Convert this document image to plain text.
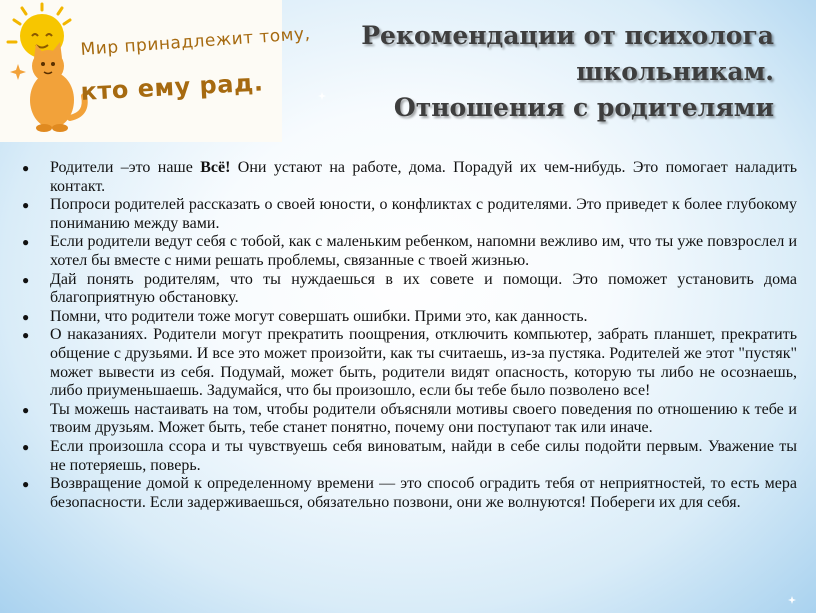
Мир принадлежит тому,
кто ему рад.
Рекомендации от психолога
школьникам.
Отношения с родителями
● Родители –это наше Всё! Они устают на работе, дома. Порадуй их чем-нибудь. Это помогает наладить контакт.
● Попроси родителей рассказать о своей юности, о конфликтах с родителями. Это приведет к более глубокому пониманию между вами.
● Если родители ведут себя с тобой, как с маленьким ребенком, напомни вежливо им, что ты уже повзрослел и хотел бы вместе с ними решать проблемы, связанные с твоей жизнью.
● Дай понять родителям, что ты нуждаешься в их совете и помощи. Это поможет установить дома благоприятную обстановку.
● Помни, что родители тоже могут совершать ошибки. Прими это, как данность.
● О наказаниях. Родители могут прекратить поощрения, отключить компьютер, забрать планшет, прекратить общение с друзьями. И все это может произойти, как ты считаешь, из-за пустяка. Родителей же этот "пустяк" может вывести из себя. Подумай, может быть, родители видят опасность, которую ты либо не осознаешь, либо приуменьшаешь. Задумайся, что бы произошло, если бы тебе было позволено все!
● Ты можешь настаивать на том, чтобы родители объясняли мотивы своего поведения по отношению к тебе и твоим друзьям. Может быть, тебе станет понятно, почему они поступают так или иначе.
● Если произошла ссора и ты чувствуешь себя виноватым, найди в себе силы подойти первым. Уважение ты не потеряешь, поверь.
● Возвращение домой к определенному времени — это способ оградить тебя от неприятностей, то есть мера безопасности. Если задерживаешься, обязательно позвони, они же волнуются! Побереги их для себя.
